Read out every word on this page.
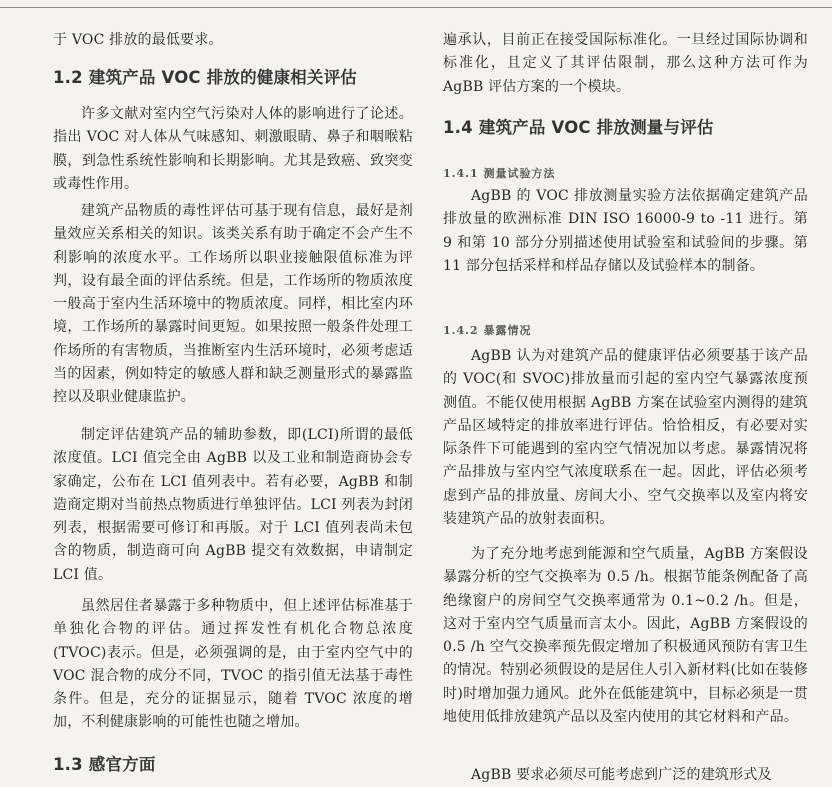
于 VOC 排放的最低要求。

1.2 建筑产品 VOC 排放的健康相关评估

许多文献对室内空气污染对人体的影响进行了论述。指出 VOC 对人体从气味感知、刺激眼睛、鼻子和咽喉粘膜，到急性系统性影响和长期影响。尤其是致癌、致突变或毒性作用。

建筑产品物质的毒性评估可基于现有信息，最好是剂量效应关系相关的知识。该类关系有助于确定不会产生不利影响的浓度水平。工作场所以职业接触限值标准为评判，设有最全面的评估系统。但是，工作场所的物质浓度一般高于室内生活环境中的物质浓度。同样，相比室内环境，工作场所的暴露时间更短。如果按照一般条件处理工作场所的有害物质，当推断室内生活环境时，必须考虑适当的因素，例如特定的敏感人群和缺乏测量形式的暴露监控以及职业健康监护。

制定评估建筑产品的辅助参数，即(LCI)所谓的最低浓度值。LCI 值完全由 AgBB 以及工业和制造商协会专家确定，公布在 LCI 值列表中。若有必要，AgBB 和制造商定期对当前热点物质进行单独评估。LCI 列表为封闭列表，根据需要可修订和再版。对于 LCI 值列表尚未包含的物质，制造商可向 AgBB 提交有效数据，申请制定 LCI 值。

虽然居住者暴露于多种物质中，但上述评估标准基于单独化合物的评估。通过挥发性有机化合物总浓度(TVOC)表示。但是，必须强调的是，由于室内空气中的 VOC 混合物的成分不同，TVOC 的指引值无法基于毒性条件。但是，充分的证据显示，随着 TVOC 浓度的增加，不利健康影响的可能性也随之增加。

1.3 感官方面

遍承认，目前正在接受国际标准化。一旦经过国际协调和标准化，且定义了其评估限制，那么这种方法可作为 AgBB 评估方案的一个模块。

1.4 建筑产品 VOC 排放测量与评估
1.4.1 测量试验方法

AgBB 的 VOC 排放测量实验方法依据确定建筑产品排放量的欧洲标准 DIN ISO 16000-9 to -11 进行。第 9 和第 10 部分分别描述使用试验室和试验间的步骤。第 11 部分包括采样和样品存储以及试验样本的制备。

1.4.2 暴露情况

AgBB 认为对建筑产品的健康评估必须要基于该产品的 VOC(和 SVOC)排放量而引起的室内空气暴露浓度预测值。不能仅使用根据 AgBB 方案在试验室内测得的建筑产品区域特定的排放率进行评估。恰恰相反，有必要对实际条件下可能遇到的室内空气情况加以考虑。暴露情况将产品排放与室内空气浓度联系在一起。因此，评估必须考虑到产品的排放量、房间大小、空气交换率以及室内将安装建筑产品的放射表面积。

为了充分地考虑到能源和空气质量，AgBB 方案假设暴露分析的空气交换率为 0.5 /h。根据节能条例配备了高绝缘窗户的房间空气交换率通常为 0.1~0.2 /h。但是，这对于室内空气质量而言太小。因此，AgBB 方案假设的 0.5 /h 空气交换率预先假定增加了积极通风预防有害卫生的情况。特别必须假设的是居住人引入新材料(比如在装修时)时增加强力通风。此外在低能建筑中，目标必须是一贯地使用低排放建筑产品以及室内使用的其它材料和产品。

AgBB 要求必须尽可能考虑到广泛的建筑形式及
